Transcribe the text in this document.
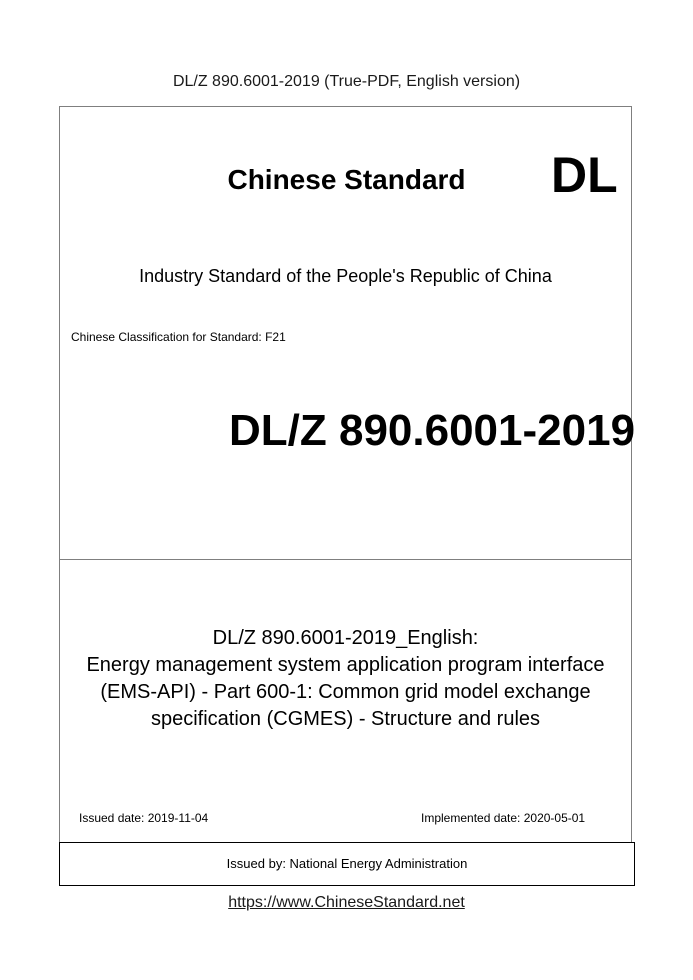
DL/Z 890.6001-2019 (True-PDF, English version)
Chinese Standard	DL
Industry Standard of the People's Republic of China
Chinese Classification for Standard: F21
DL/Z 890.6001-2019
DL/Z 890.6001-2019_English:
Energy management system application program interface
(EMS-API) - Part 600-1: Common grid model exchange
specification (CGMES) - Structure and rules
Issued date: 2019-11-04	Implemented date: 2020-05-01
Issued by: National Energy Administration
https://www.ChineseStandard.net
